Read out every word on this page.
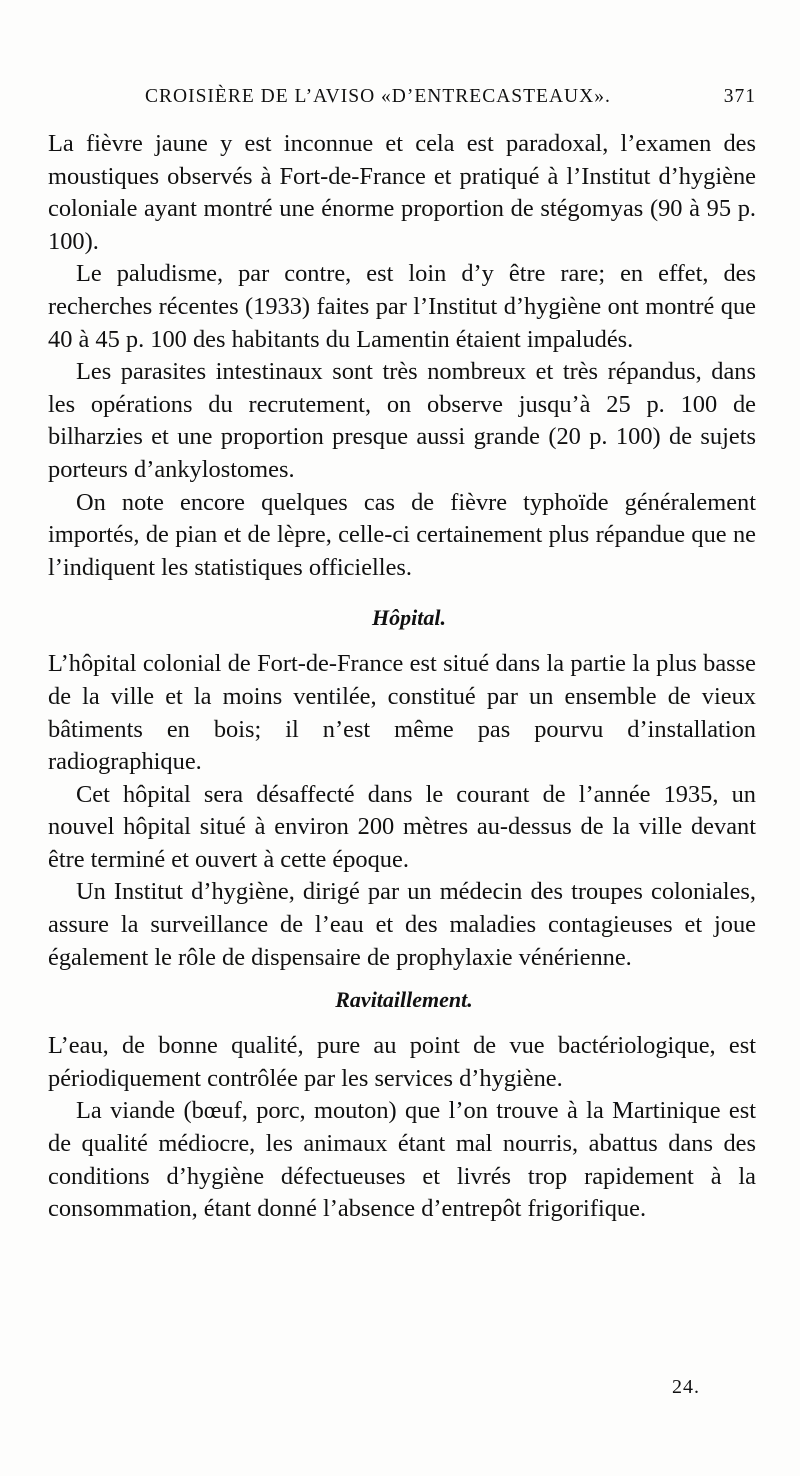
CROISIÈRE DE L’AVISO «D’ENTRECASTEAUX».	371

La fièvre jaune y est inconnue et cela est paradoxal, l’examen des moustiques observés à Fort-de-France et pratiqué à l’Institut d’hygiène coloniale ayant montré une énorme proportion de stégomyas (90 à 95 p. 100).

Le paludisme, par contre, est loin d’y être rare; en effet, des recherches récentes (1933) faites par l’Institut d’hygiène ont montré que 40 à 45 p. 100 des habitants du Lamentin étaient impaludés.

Les parasites intestinaux sont très nombreux et très répandus, dans les opérations du recrutement, on observe jusqu’à 25 p. 100 de bilharzies et une proportion presque aussi grande (20 p. 100) de sujets porteurs d’ankylostomes.

On note encore quelques cas de fièvre typhoïde généralement importés, de pian et de lèpre, celle-ci certainement plus répandue que ne l’indiquent les statistiques officielles.

Hôpital.

L’hôpital colonial de Fort-de-France est situé dans la partie la plus basse de la ville et la moins ventilée, constitué par un ensemble de vieux bâtiments en bois; il n’est même pas pourvu d’installation radiographique.

Cet hôpital sera désaffecté dans le courant de l’année 1935, un nouvel hôpital situé à environ 200 mètres au-dessus de la ville devant être terminé et ouvert à cette époque.

Un Institut d’hygiène, dirigé par un médecin des troupes coloniales, assure la surveillance de l’eau et des maladies contagieuses et joue également le rôle de dispensaire de prophylaxie vénérienne.

Ravitaillement.

L’eau, de bonne qualité, pure au point de vue bactériologique, est périodiquement contrôlée par les services d’hygiène.

La viande (bœuf, porc, mouton) que l’on trouve à la Martinique est de qualité médiocre, les animaux étant mal nourris, abattus dans des conditions d’hygiène défectueuses et livrés trop rapidement à la consommation, étant donné l’absence d’entrepôt frigorifique.

24.
